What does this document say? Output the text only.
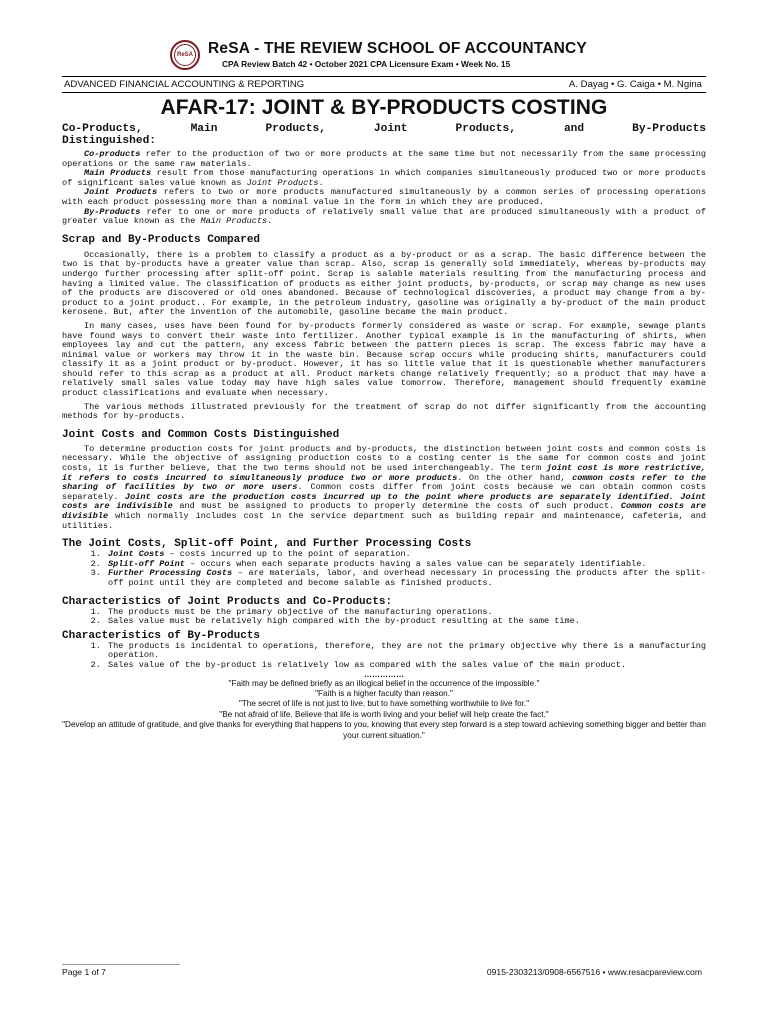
ReSA ReSA - THE REVIEW SCHOOL OF ACCOUNTANCY
CPA Review Batch 42 • October 2021 CPA Licensure Exam • Week No. 15
ADVANCED FINANCIAL ACCOUNTING & REPORTING	A. Dayag • G. Caiga • M. Ngina
AFAR-17: JOINT & BY-PRODUCTS COSTING
Co-Products, Main Products, Joint Products, and By-Products
Distinguished:

Co-products refer to the production of two or more products at the same time but not necessarily from the same processing operations or the same raw materials.

Main Products result from those manufacturing operations in which companies simultaneously produced two or more products of significant sales value known as Joint Products.

Joint Products refers to two or more products manufactured simultaneously by a common series of processing operations with each product possessing more than a nominal value in the form in which they are produced.

By-Products refer to one or more products of relatively small value that are produced simultaneously with a product of greater value known as the Main Products.

Scrap and By-Products Compared

Occasionally, there is a problem to classify a product as a by-product or as a scrap. The basic difference between the two is that by-products have a greater value than scrap. Also, scrap is generally sold immediately, whereas by-products may undergo further processing after split-off point. Scrap is salable materials resulting from the manufacturing process and having a limited value. The classification of products as either joint products, by-products, or scrap may change as new uses of the products are discovered or old ones abandoned. Because of technological discoveries, a product may change from a by-product to a joint product.. For example, in the petroleum industry, gasoline was originally a by-product of the main product kerosene. But, after the invention of the automobile, gasoline became the main product.

In many cases, uses have been found for by-products formerly considered as waste or scrap. For example, sewage plants have found ways to convert their waste into fertilizer. Another typical example is in the manufacturing of shirts, when employees lay and cut the pattern, any excess fabric between the pattern pieces is scrap. The excess fabric may have a minimal value or workers may throw it in the waste bin. Because scrap occurs while producing shirts, manufacturers could classify it as a joint product or by-product. However, it has so little value that it is questionable whether manufacturers should refer to this scrap as a product at all. Product markets change relatively frequently; so a product that may have a relatively small sales value today may have high sales value tomorrow. Therefore, management should frequently examine product classifications and evaluate when necessary.

The various methods illustrated previously for the treatment of scrap do not differ significantly from the accounting methods for by-products.

Joint Costs and Common Costs Distinguished

To determine production costs for joint products and by-products, the distinction between joint costs and common costs is necessary. While the objective of assigning production costs to a costing center is the same for common costs and joint costs, it is further believe, that the two terms should not be used interchangeably. The term joint cost is more restrictive, it refers to costs incurred to simultaneously produce two or more products. On the other hand, common costs refer to the sharing of facilities by two or more users. Common costs differ from joint costs because we can obtain common costs separately. Joint costs are the production costs incurred up to the point where products are separately identified. Joint costs are indivisible and must be assigned to products to properly determine the costs of such product. Common costs are divisible which normally includes cost in the service department such as building repair and maintenance, cafeteria, and utilities.

The Joint Costs, Split-off Point, and Further Processing Costs
1. Joint Costs – costs incurred up to the point of separation.
2. Split-off Point – occurs when each separate products having a sales value can be separately identifiable.
3. Further Processing Costs – are materials, labor, and overhead necessary in processing the products after the split-off point until they are completed and become salable as finished products.
Characteristics of Joint Products and Co-Products:
1. The products must be the primary objective of the manufacturing operations.
2. Sales value must be relatively high compared with the by-product resulting at the same time.
Characteristics of By-Products
1. The products is incidental to operations, therefore, they are not the primary objective why there is a manufacturing operation.
2. Sales value of the by-product is relatively low as compared with the sales value of the main product.
……………
"Faith may be defined briefly as an illogical belief in the occurrence of the impossible."
"Faith is a higher faculty than reason."
"The secret of life is not just to live, but to have something worthwhile to live for."
"Be not afraid of life. Believe that life is worth living and your belief will help create the fact."
"Develop an attitude of gratitude, and give thanks for everything that happens to you, knowing that every step forward is a step toward achieving something bigger and better than your current situation."
Page 1 of 7	0915-2303213/0908-6567516 • www.resacpareview.com
